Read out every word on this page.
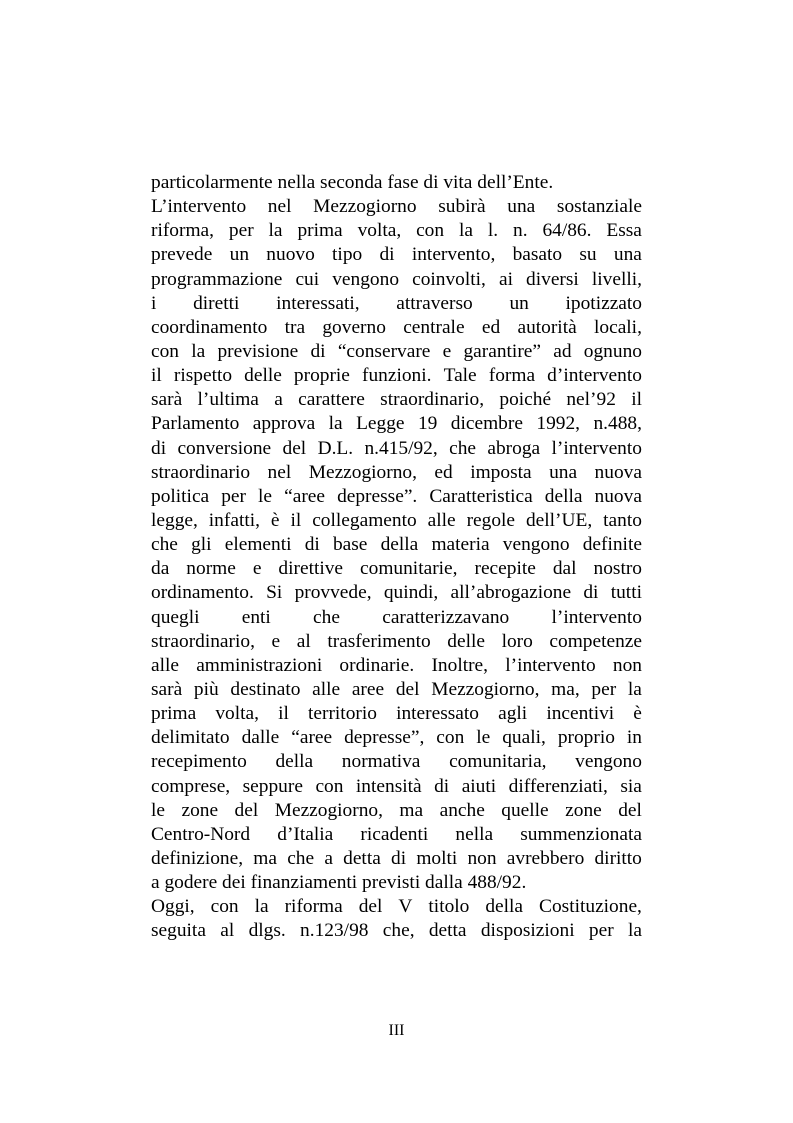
particolarmente nella seconda fase di vita dell’Ente.
L’intervento nel Mezzogiorno subirà una sostanziale
riforma, per la prima volta, con la l. n. 64/86. Essa
prevede un nuovo tipo di intervento, basato su una
programmazione cui vengono coinvolti, ai diversi livelli,
i diretti interessati, attraverso un ipotizzato
coordinamento tra governo centrale ed autorità locali,
con la previsione di “conservare e garantire” ad ognuno
il rispetto delle proprie funzioni. Tale forma d’intervento
sarà l’ultima a carattere straordinario, poiché nel’92 il
Parlamento approva la Legge 19 dicembre 1992, n.488,
di conversione del D.L. n.415/92, che abroga l’intervento
straordinario nel Mezzogiorno, ed imposta una nuova
politica per le “aree depresse”. Caratteristica della nuova
legge, infatti, è il collegamento alle regole dell’UE, tanto
che gli elementi di base della materia vengono definite
da norme e direttive comunitarie, recepite dal nostro
ordinamento. Si provvede, quindi, all’abrogazione di tutti
quegli enti che caratterizzavano l’intervento
straordinario, e al trasferimento delle loro competenze
alle amministrazioni ordinarie. Inoltre, l’intervento non
sarà più destinato alle aree del Mezzogiorno, ma, per la
prima volta, il territorio interessato agli incentivi è
delimitato dalle “aree depresse”, con le quali, proprio in
recepimento della normativa comunitaria, vengono
comprese, seppure con intensità di aiuti differenziati, sia
le zone del Mezzogiorno, ma anche quelle zone del
Centro-Nord d’Italia ricadenti nella summenzionata
definizione, ma che a detta di molti non avrebbero diritto
a godere dei finanziamenti previsti dalla 488/92.
Oggi, con la riforma del V titolo della Costituzione,
seguita al dlgs. n.123/98 che, detta disposizioni per la
III
